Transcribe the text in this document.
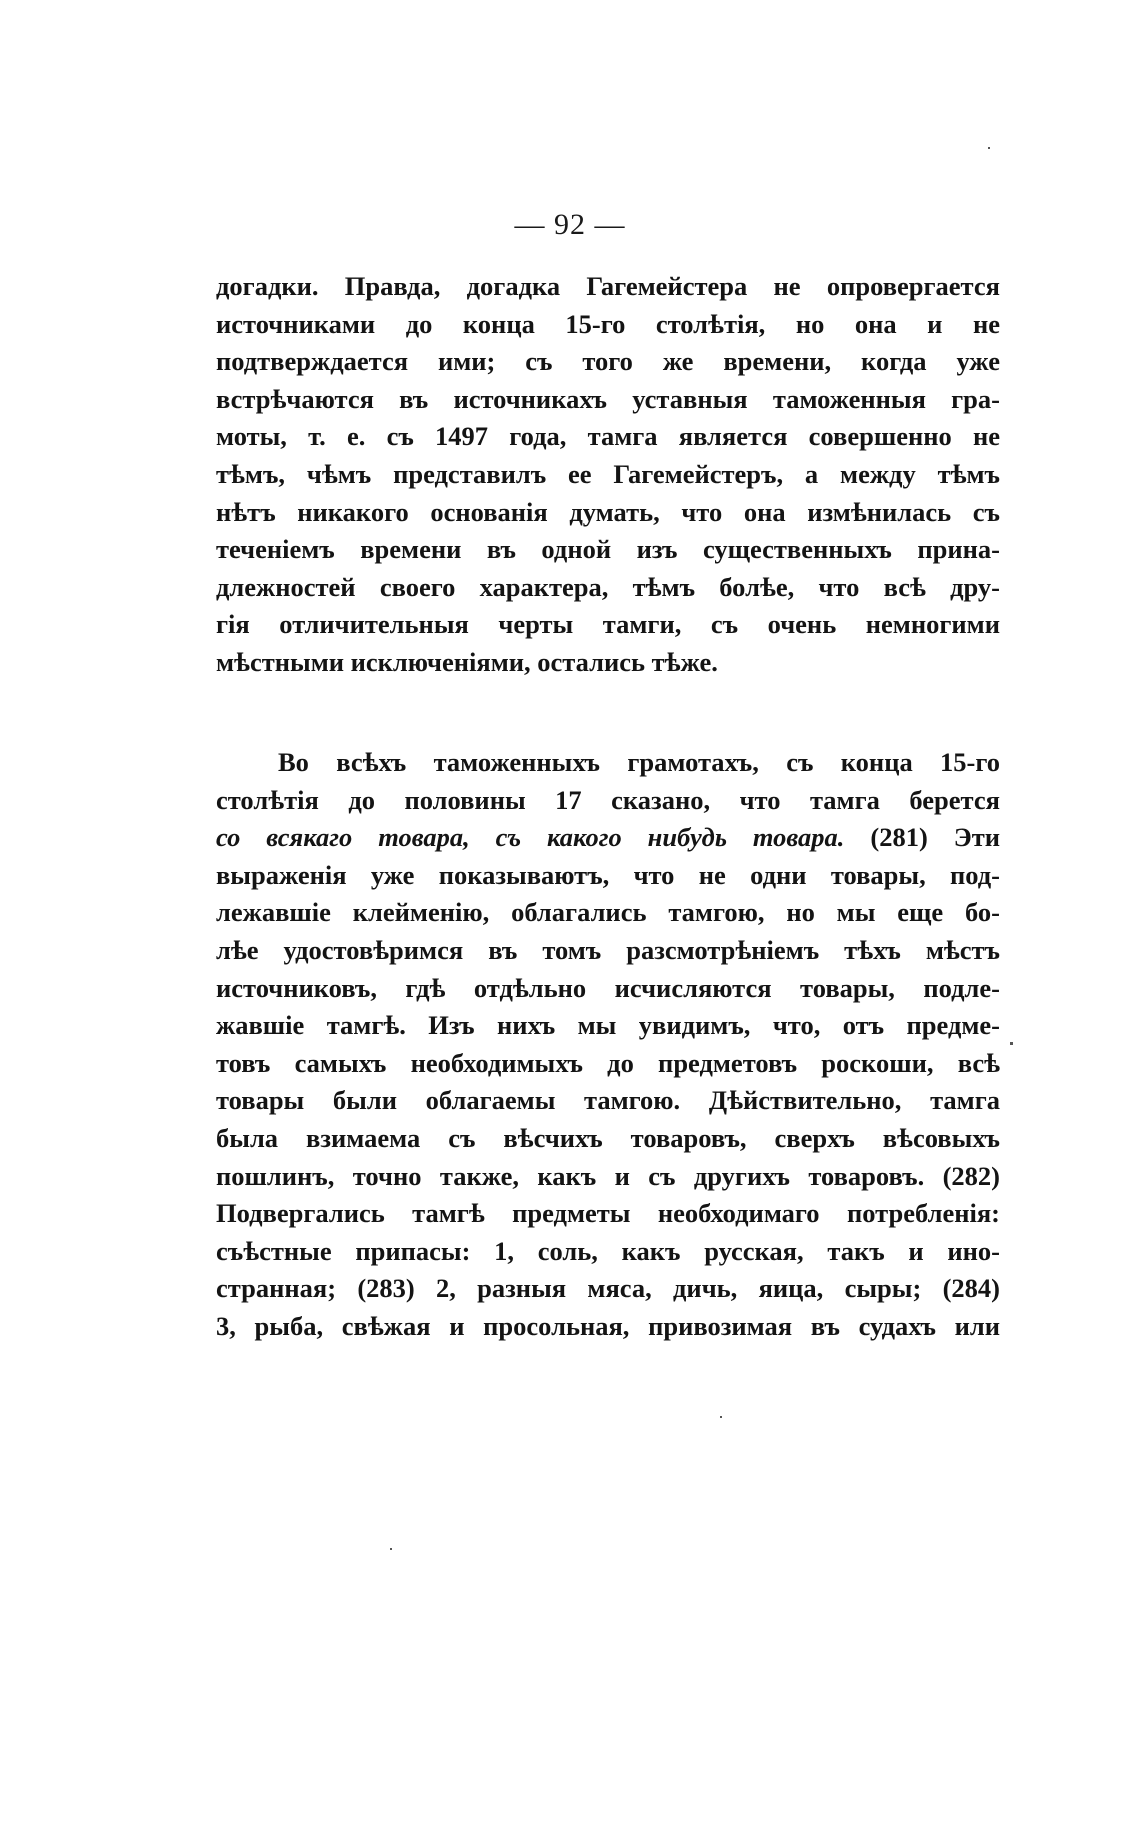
— 92 —
догадки. Правда, догадка Гагемейстера не опровергается
источниками до конца 15-го столѣтія, но она и не
подтверждается ими; съ того же времени, когда уже
встрѣчаются въ источникахъ уставныя таможенныя гра-
моты, т. е. съ 1497 года, тамга является совершенно не
тѣмъ, чѣмъ представилъ ее Гагемейстеръ, а между тѣмъ
нѣтъ никакого основанія думать, что она измѣнилась съ
теченіемъ времени въ одной изъ существенныхъ прина-
длежностей своего характера, тѣмъ болѣе, что всѣ дру-
гія отличительныя черты тамги, съ очень немногими
мѣстными исключеніями, остались тѣже.
Во всѣхъ таможенныхъ грамотахъ, съ конца 15-го
столѣтія до половины 17 сказано, что тамга берется
со всякаго товара, съ какого нибудь товара. (281) Эти
выраженія уже показываютъ, что не одни товары, под-
лежавшіе клейменію, облагались тамгою, но мы еще бо-
лѣе удостовѣримся въ томъ разсмотрѣніемъ тѣхъ мѣстъ
источниковъ, гдѣ отдѣльно исчисляются товары, подле-
жавшіе тамгѣ. Изъ нихъ мы увидимъ, что, отъ предме-
товъ самыхъ необходимыхъ до предметовъ роскоши, всѣ
товары были облагаемы тамгою. Дѣйствительно, тамга
была взимаема съ вѣсчихъ товаровъ, сверхъ вѣсовыхъ
пошлинъ, точно также, какъ и съ другихъ товаровъ. (282)
Подвергались тамгѣ предметы необходимаго потребленія:
съѣстные припасы: 1, соль, какъ русская, такъ и ино-
странная; (283) 2, разныя мяса, дичь, яица, сыры; (284)
3, рыба, свѣжая и просольная, привозимая въ судахъ или
